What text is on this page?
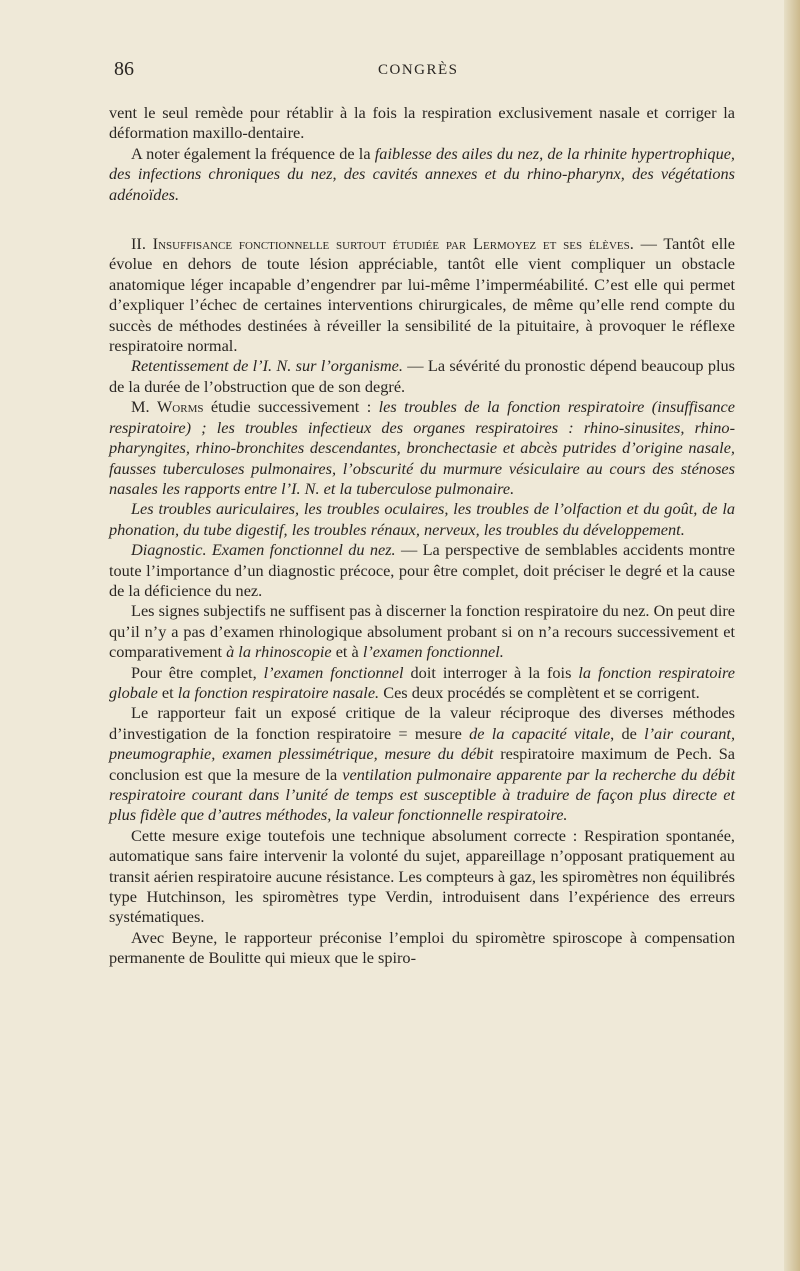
86	CONGRÈS

vent le seul remède pour rétablir à la fois la respiration exclusivement nasale et corriger la déformation maxillo-dentaire.

A noter également la fréquence de la faiblesse des ailes du nez, de la rhinite hypertrophique, des infections chroniques du nez, des cavités annexes et du rhino-pharynx, des végétations adénoïdes.

II. Insuffisance fonctionnelle surtout étudiée par Lermoyez et ses élèves. — Tantôt elle évolue en dehors de toute lésion appréciable, tantôt elle vient compliquer un obstacle anatomique léger incapable d’engendrer par lui-même l’imperméabilité. C’est elle qui permet d’expliquer l’échec de certaines interventions chirurgicales, de même qu’elle rend compte du succès de méthodes destinées à réveiller la sensibilité de la pituitaire, à provoquer le réflexe respiratoire normal.

Retentissement de l’I. N. sur l’organisme. — La sévérité du pronostic dépend beaucoup plus de la durée de l’obstruction que de son degré.

M. Worms étudie successivement : les troubles de la fonction respiratoire (insuffisance respiratoire) ; les troubles infectieux des organes respiratoires : rhino-sinusites, rhino-pharyngites, rhino-bronchites descendantes, bronchectasie et abcès putrides d’origine nasale, fausses tuberculoses pulmonaires, l’obscurité du murmure vésiculaire au cours des sténoses nasales les rapports entre l’I. N. et la tuberculose pulmonaire.

Les troubles auriculaires, les troubles oculaires, les troubles de l’olfaction et du goût, de la phonation, du tube digestif, les troubles rénaux, nerveux, les troubles du développement.

Diagnostic. Examen fonctionnel du nez. — La perspective de semblables accidents montre toute l’importance d’un diagnostic précoce, pour être complet, doit préciser le degré et la cause de la déficience du nez.

Les signes subjectifs ne suffisent pas à discerner la fonction respiratoire du nez. On peut dire qu’il n’y a pas d’examen rhinologique absolument probant si on n’a recours successivement et comparativement à la rhinoscopie et à l’examen fonctionnel.

Pour être complet, l’examen fonctionnel doit interroger à la fois la fonction respiratoire globale et la fonction respiratoire nasale. Ces deux procédés se complètent et se corrigent.

Le rapporteur fait un exposé critique de la valeur réciproque des diverses méthodes d’investigation de la fonction respiratoire = mesure de la capacité vitale, de l’air courant, pneumographie, examen plessimétrique, mesure du débit respiratoire maximum de Pech. Sa conclusion est que la mesure de la ventilation pulmonaire apparente par la recherche du débit respiratoire courant dans l’unité de temps est susceptible à traduire de façon plus directe et plus fidèle que d’autres méthodes, la valeur fonctionnelle respiratoire.

Cette mesure exige toutefois une technique absolument correcte : Respiration spontanée, automatique sans faire intervenir la volonté du sujet, appareillage n’opposant pratiquement au transit aérien respiratoire aucune résistance. Les compteurs à gaz, les spiromètres non équilibrés type Hutchinson, les spiromètres type Verdin, introduisent dans l’expérience des erreurs systématiques.

Avec Beyne, le rapporteur préconise l’emploi du spiromètre spiroscope à compensation permanente de Boulitte qui mieux que le spiro-
